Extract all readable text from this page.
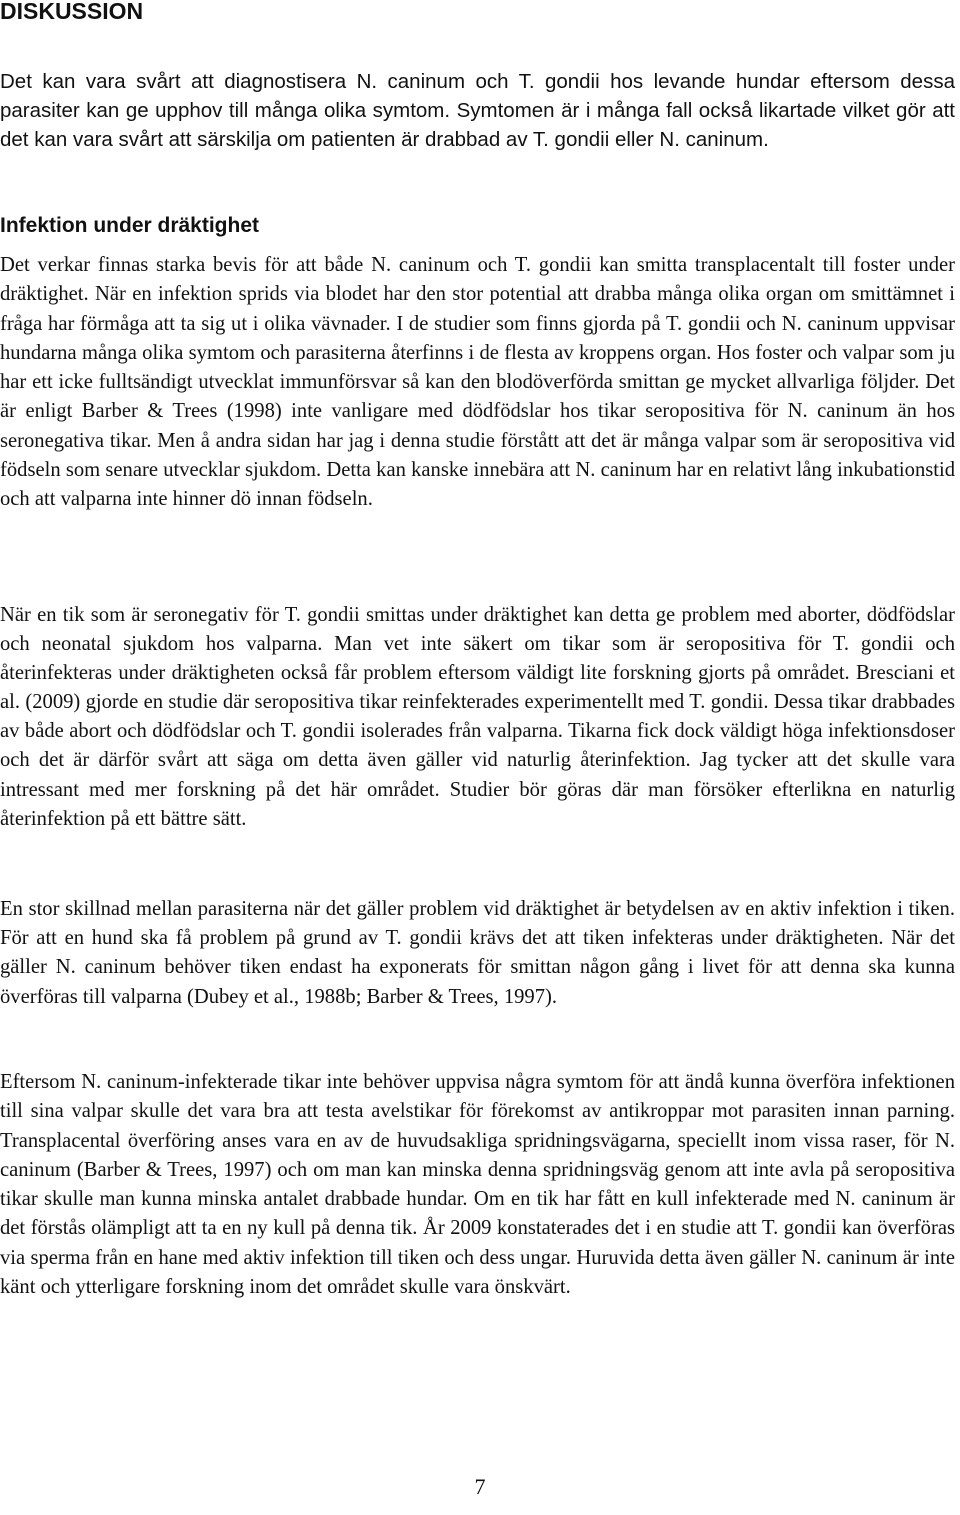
DISKUSSION

Det kan vara svårt att diagnostisera N. caninum och T. gondii hos levande hundar eftersom dessa parasiter kan ge upphov till många olika symtom. Symtomen är i många fall också likartade vilket gör att det kan vara svårt att särskilja om patienten är drabbad av T. gondii eller N. caninum.

Infektion under dräktighet

Det verkar finnas starka bevis för att både N. caninum och T. gondii kan smitta transplacentalt till foster under dräktighet. När en infektion sprids via blodet har den stor potential att drabba många olika organ om smittämnet i fråga har förmåga att ta sig ut i olika vävnader. I de studier som finns gjorda på T. gondii och N. caninum uppvisar hundarna många olika symtom och parasiterna återfinns i de flesta av kroppens organ. Hos foster och valpar som ju har ett icke fulltsändigt utvecklat immunförsvar så kan den blodöverförda smittan ge mycket allvarliga följder. Det är enligt Barber & Trees (1998) inte vanligare med dödfödslar hos tikar seropositiva för N. caninum än hos seronegativa tikar. Men å andra sidan har jag i denna studie förstått att det är många valpar som är seropositiva vid födseln som senare utvecklar sjukdom. Detta kan kanske innebära att N. caninum har en relativt lång inkubationstid och att valparna inte hinner dö innan födseln.

När en tik som är seronegativ för T. gondii smittas under dräktighet kan detta ge problem med aborter, dödfödslar och neonatal sjukdom hos valparna. Man vet inte säkert om tikar som är seropositiva för T. gondii och återinfekteras under dräktigheten också får problem eftersom väldigt lite forskning gjorts på området. Bresciani et al. (2009) gjorde en studie där seropositiva tikar reinfekterades experimentellt med T. gondii. Dessa tikar drabbades av både abort och dödfödslar och T. gondii isolerades från valparna. Tikarna fick dock väldigt höga infektionsdoser och det är därför svårt att säga om detta även gäller vid naturlig återinfektion. Jag tycker att det skulle vara intressant med mer forskning på det här området. Studier bör göras där man försöker efterlikna en naturlig återinfektion på ett bättre sätt.

En stor skillnad mellan parasiterna när det gäller problem vid dräktighet är betydelsen av en aktiv infektion i tiken. För att en hund ska få problem på grund av T. gondii krävs det att tiken infekteras under dräktigheten. När det gäller N. caninum behöver tiken endast ha exponerats för smittan någon gång i livet för att denna ska kunna överföras till valparna (Dubey et al., 1988b; Barber & Trees, 1997).

Eftersom N. caninum-infekterade tikar inte behöver uppvisa några symtom för att ändå kunna överföra infektionen till sina valpar skulle det vara bra att testa avelstikar för förekomst av antikroppar mot parasiten innan parning. Transplacental överföring anses vara en av de huvudsakliga spridningsvägarna, speciellt inom vissa raser, för N. caninum (Barber & Trees, 1997) och om man kan minska denna spridningsväg genom att inte avla på seropositiva tikar skulle man kunna minska antalet drabbade hundar. Om en tik har fått en kull infekterade med N. caninum är det förstås olämpligt att ta en ny kull på denna tik. År 2009 konstaterades det i en studie att T. gondii kan överföras via sperma från en hane med aktiv infektion till tiken och dess ungar. Huruvida detta även gäller N. caninum är inte känt och ytterligare forskning inom det området skulle vara önskvärt.

7
